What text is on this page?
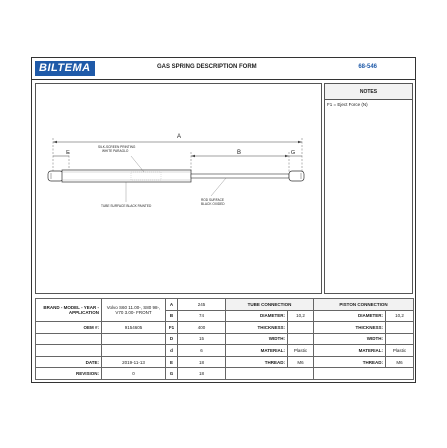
BILTEMA	GAS SPRING DESCRIPTION FORM	68-546
A
E	B	G
SILK-SCREEN PRINTING
WHITE PARAGLO
TUBE SURFACE BLACK PAINTED
ROD SURFACE
BLACK OXIDED
NOTES
F1 = Eject Force (N)
BRAND - MODEL - YEAR - APPLICATION	Volvo S60 11.00-, S80 98-,
V70 3.00- FRONT	A	245	TUBE CONNECTION		PISTON CONNECTION	
		B	74	DIAMETER:	10,2	DIAMETER:	10,2
OEM #:	9154605	F1	400	THICKNESS:		THICKNESS:	
		D	15	WIDTH:		WIDTH:	
		d	6	MATERIAL:	Plastic	MATERIAL:	Plastic
DATE:	2019-11-13	E	18	THREAD:	M6	THREAD:	M6
REVISION:	0	G	18				
